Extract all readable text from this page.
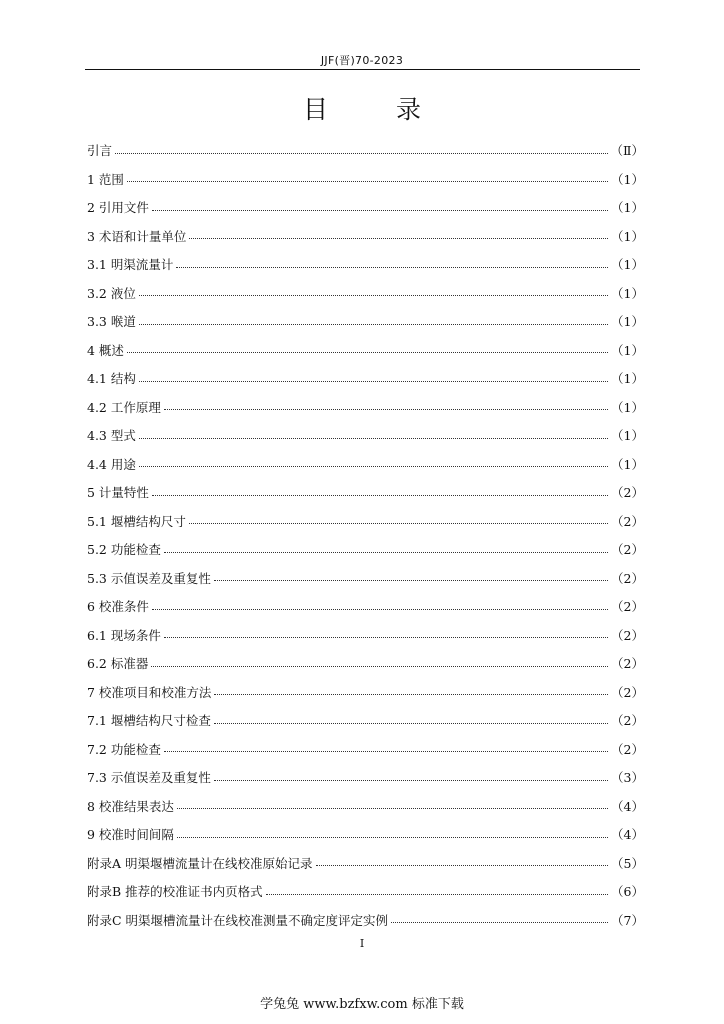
JJF(晋)70-2023
目 录
引言	（Ⅱ）
1 范围	（1）
2 引用文件	（1）
3 术语和计量单位	（1）
3.1 明渠流量计	（1）
3.2 液位	（1）
3.3 喉道	（1）
4 概述	（1）
4.1 结构	（1）
4.2 工作原理	（1）
4.3 型式	（1）
4.4 用途	（1）
5 计量特性	（2）
5.1 堰槽结构尺寸	（2）
5.2 功能检查	（2）
5.3 示值误差及重复性	（2）
6 校准条件	（2）
6.1 现场条件	（2）
6.2 标准器	（2）
7 校准项目和校准方法	（2）
7.1 堰槽结构尺寸检查	（2）
7.2 功能检查	（2）
7.3 示值误差及重复性	（3）
8 校准结果表达	（4）
9 校准时间间隔	（4）
附录A 明渠堰槽流量计在线校准原始记录	（5）
附录B 推荐的校准证书内页格式	（6）
附录C 明渠堰槽流量计在线校准测量不确定度评定实例	（7）
I
学兔兔 www.bzfxw.com 标准下载
